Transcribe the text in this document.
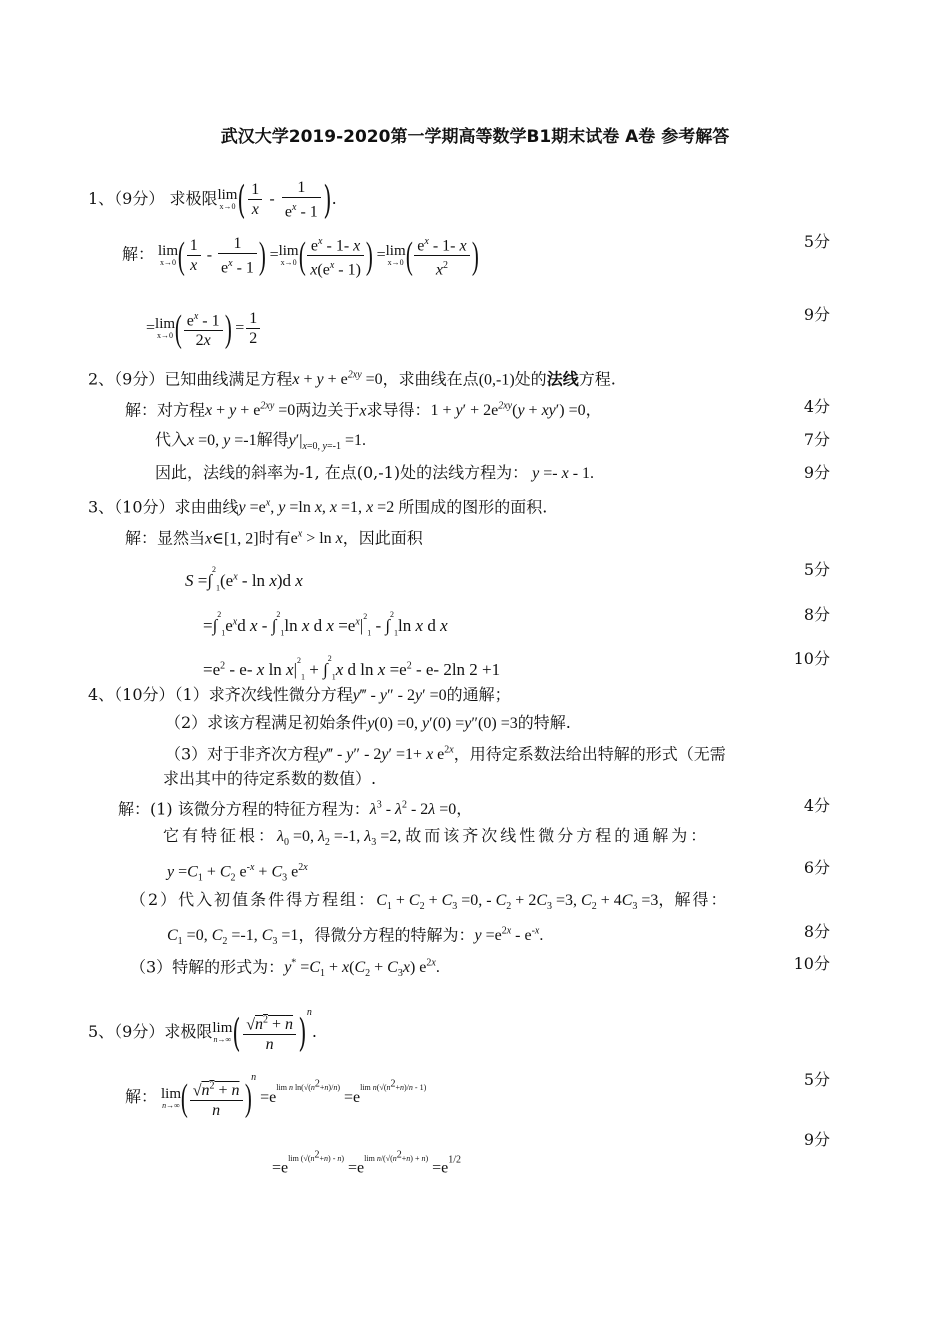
武汉大学2019-2020第一学期高等数学B1期末试卷 A卷 参考解答
1、（9分） 求极限 lim
x→0 ( $\frac{1}{x} - \frac{1}{e^x - 1}$ ).
解： lim
x→0 ( $\frac{1}{x} - \frac{1}{e^x - 1}$ ) = lim
x→0 ( $\frac{e^x - 1- x}{x(e^x - 1)}$ ) = lim
x→0 ( $\frac{e^x - 1- x}{x^2}$ )	5分
= lim
x→0 ( $\frac{e^x - 1}{2x}$ ) = $\frac{1}{2}$	9分
2、（9分）已知曲线满足方程$x + y + e^{2xy} =0$，求曲线在点(0,-1)处的法线方程.
解：对方程$x + y + e^{2xy} =0$两边关于x求导得：$1 + y' + 2e^{2xy}(y + xy') =0$，	4分
代入x =0, y =-1解得$y'|_{x=0, y=-1} =1$.	7分
因此，法线的斜率为-1, 在点(0,-1)处的法线方程为： y =- x - 1.	9分
3、（10分）求由曲线$y =e^x$, y =ln x, x =1, x =2 所围成的图形的面积.
解：显然当x∈[1, 2]时有$e^x > \ln x$，因此面积
$S =\int^2_1(e^x - \ln x)d$ x
5分
$=\int^2_1e^xd$ x - ∫$^2_1$ln x d $x =e^x|^2_1 - \int^2_1\ln$ x d x
8分
$=e^2 - e-$ x $\ln x|^2_1 + \int^2_1x$ d $\ln x =e^2 - e-$ 2ln 2 +1
10分
4、（10分）（1）求齐次线性微分方程y‴ - y″ - 2y′ =0的通解；
（2）求该方程满足初始条件y(0) =0, y′(0) =y″(0) =3的特解.
（3）对于非齐次方程y‴ - y″ - 2y′ =1+ x $e^{2x}$，用待定系数法给出特解的形式（无需
求出其中的待定系数的数值）.
解：(1) 该微分方程的特征方程为：$\lambda^3 - \lambda^2 - 2\lambda =0$，	4分
它有特征根：$\lambda_0 =0$, $\lambda_2 =-1$, $\lambda_3 =2$, 故而该齐次线性微分方程的通解为：
$y =C_1 + C_2$ $e^{-x} + C_3$ $e^{2x}$	6分
（2）代入初值条件得方程组：$C_1 + C_2 + C_3 =0$, - $C_2 + 2C_3 =3$, $C_2 + 4C_3 =3$，解得：
$C_1 =0$, $C_2 =-1$, $C_3 =1$，得微分方程的特解为：$y =e^{2x} - e^{-x}$.	8分
（3）特解的形式为：$y^* =C_1 + x(C_2 + C_3x)$ $e^{2x}$.	10分
5、（9分）求极限 lim
n→∞ ( $\frac{√n^2 + n}{n} )^n$.
解： lim
n→∞ ( $\frac{√n^2 + n}{n} )^n =e^{lim n ln(√(n^2+n)/n)} =e^{lim n(√(n^2+n)/n - 1)}$	5分
$=e^{lim (√(n^2+n) - n)} =e^{lim n/(√(n^2+n) + n)} =e^{1/2}$
9分
